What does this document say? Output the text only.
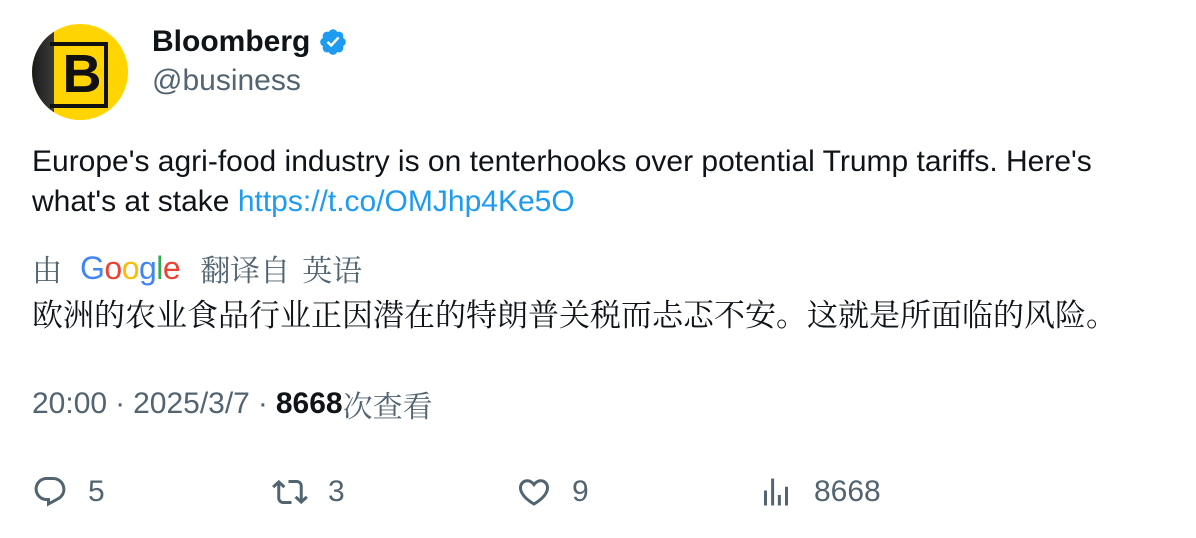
B
Bloomberg
@business
Europe's agri-food industry is on tenterhooks over potential Trump tariffs. Here's what's at stake https://t.co/OMJhp4Ke5O
由 Google 翻译自 英语
欧洲的农业食品行业正因潜在的特朗普关税而忐忑不安。这就是所面临的风险。
20:00 · 2025/3/7 · 8668 次查看
5	3	9	8668
